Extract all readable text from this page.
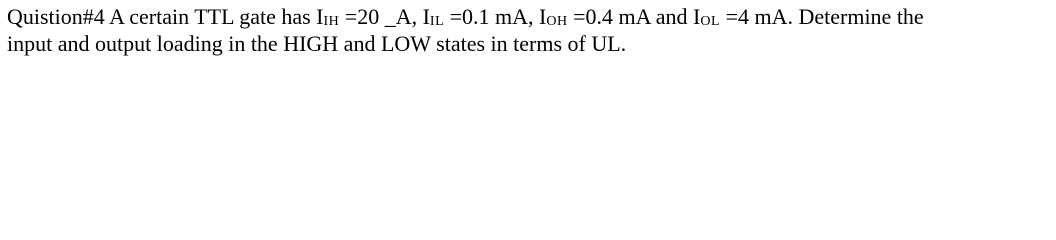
Quistion#4 A certain TTL gate has IIH =20 _A, IIL =0.1 mA, IOH =0.4 mA and IOL =4 mA. Determine the
input and output loading in the HIGH and LOW states in terms of UL.
